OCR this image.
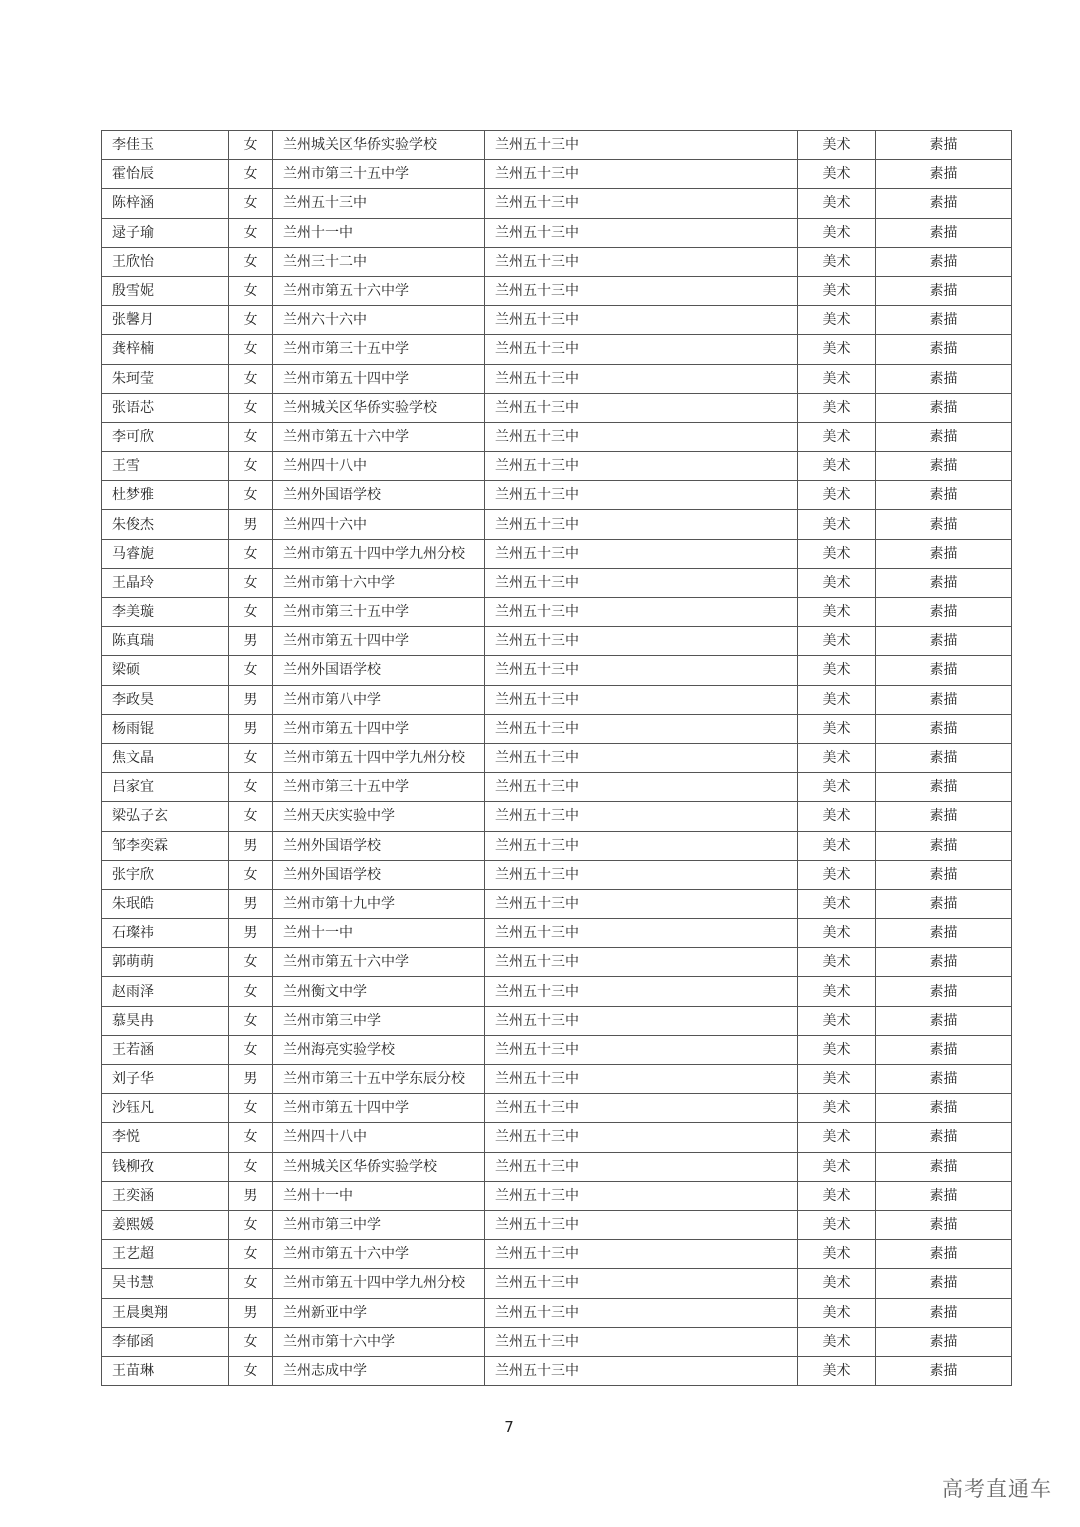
李佳玉	女	兰州城关区华侨实验学校	兰州五十三中	美术	素描
霍怡辰	女	兰州市第三十五中学	兰州五十三中	美术	素描
陈梓涵	女	兰州五十三中	兰州五十三中	美术	素描
逯子瑜	女	兰州十一中	兰州五十三中	美术	素描
王欣怡	女	兰州三十二中	兰州五十三中	美术	素描
殷雪妮	女	兰州市第五十六中学	兰州五十三中	美术	素描
张馨月	女	兰州六十六中	兰州五十三中	美术	素描
龚梓楠	女	兰州市第三十五中学	兰州五十三中	美术	素描
朱珂莹	女	兰州市第五十四中学	兰州五十三中	美术	素描
张语芯	女	兰州城关区华侨实验学校	兰州五十三中	美术	素描
李可欣	女	兰州市第五十六中学	兰州五十三中	美术	素描
王雪	女	兰州四十八中	兰州五十三中	美术	素描
杜梦雅	女	兰州外国语学校	兰州五十三中	美术	素描
朱俊杰	男	兰州四十六中	兰州五十三中	美术	素描
马睿旎	女	兰州市第五十四中学九州分校	兰州五十三中	美术	素描
王晶玲	女	兰州市第十六中学	兰州五十三中	美术	素描
李美璇	女	兰州市第三十五中学	兰州五十三中	美术	素描
陈真瑞	男	兰州市第五十四中学	兰州五十三中	美术	素描
梁硕	女	兰州外国语学校	兰州五十三中	美术	素描
李政昊	男	兰州市第八中学	兰州五十三中	美术	素描
杨雨锟	男	兰州市第五十四中学	兰州五十三中	美术	素描
焦文晶	女	兰州市第五十四中学九州分校	兰州五十三中	美术	素描
吕家宜	女	兰州市第三十五中学	兰州五十三中	美术	素描
梁弘子玄	女	兰州天庆实验中学	兰州五十三中	美术	素描
邹李奕霖	男	兰州外国语学校	兰州五十三中	美术	素描
张宇欣	女	兰州外国语学校	兰州五十三中	美术	素描
朱珉皓	男	兰州市第十九中学	兰州五十三中	美术	素描
石璨祎	男	兰州十一中	兰州五十三中	美术	素描
郭萌萌	女	兰州市第五十六中学	兰州五十三中	美术	素描
赵雨泽	女	兰州衡文中学	兰州五十三中	美术	素描
慕昊冉	女	兰州市第三中学	兰州五十三中	美术	素描
王若涵	女	兰州海亮实验学校	兰州五十三中	美术	素描
刘子华	男	兰州市第三十五中学东辰分校	兰州五十三中	美术	素描
沙钰凡	女	兰州市第五十四中学	兰州五十三中	美术	素描
李悦	女	兰州四十八中	兰州五十三中	美术	素描
钱柳孜	女	兰州城关区华侨实验学校	兰州五十三中	美术	素描
王奕涵	男	兰州十一中	兰州五十三中	美术	素描
姜熙媛	女	兰州市第三中学	兰州五十三中	美术	素描
王艺超	女	兰州市第五十六中学	兰州五十三中	美术	素描
吴书慧	女	兰州市第五十四中学九州分校	兰州五十三中	美术	素描
王晨奥翔	男	兰州新亚中学	兰州五十三中	美术	素描
李郁函	女	兰州市第十六中学	兰州五十三中	美术	素描
王苗琳	女	兰州志成中学	兰州五十三中	美术	素描
7
高考直通车
